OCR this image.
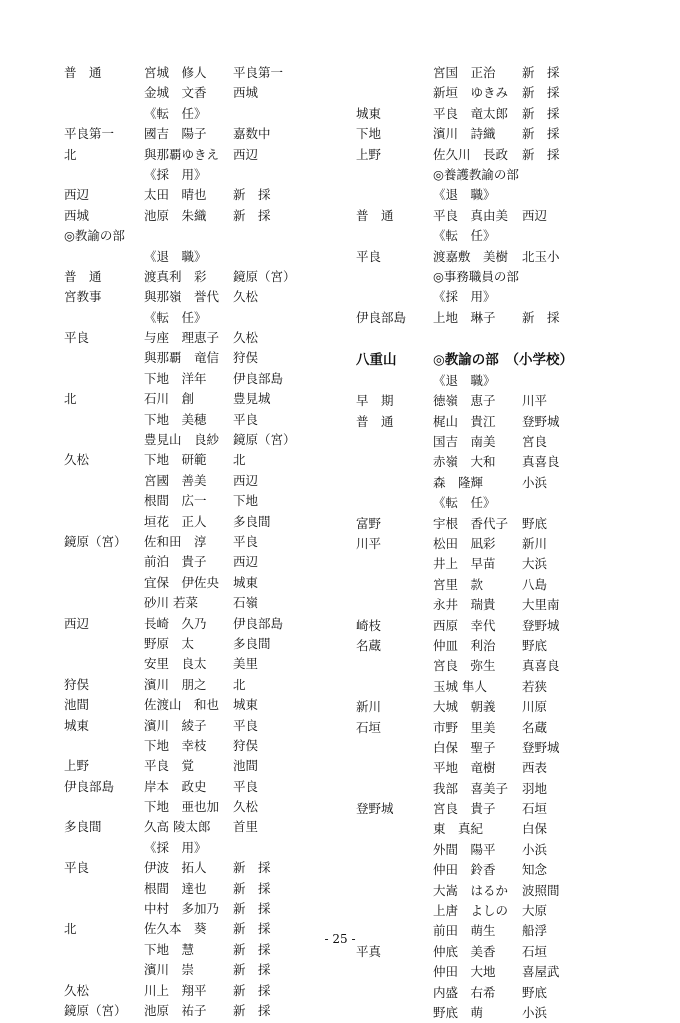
普　通	宮城　修人 平良第一
金城　文香 西城
《転　任》
平良第一 國吉　陽子 嘉数中
北	與那覇ゆきえ 西辺
《採　用》
西辺	太田　晴也 新　採
西城	池原　朱織 新　採
◎教諭の部
《退　職》
普　通	渡真利　彩 鏡原（宮）
宮教事	與那嶺　誉代 久松
《転　任》
平良	与座　理恵子 久松
與那覇　竜信 狩俣
下地　洋年 伊良部島
北	石川　創	豊見城
下地　美穂 平良
豊見山　良紗 鏡原（宮）
久松	下地　研範 北
宮國　善美 西辺
根間　広一 下地
垣花　正人 多良間
鏡原（宮） 佐和田　淳 平良
前泊　貴子 西辺
宜保　伊佐央 城東
砂川 若菜	石嶺
西辺	長崎　久乃 伊良部島
野原　太	多良間
安里　良太 美里
狩俣	濱川　朋之 北
池間	佐渡山　和也 城東
城東	濱川　綾子 平良
下地　幸枝 狩俣
上野	平良　覚	池間
伊良部島 岸本　政史 平良
下地　亜也加 久松
多良間	久高 陵太郎 首里
《採　用》
平良	伊波　拓人 新　採
根間　達也 新　採
中村　多加乃 新　採
北	佐久本　葵 新　採
下地　慧	新　採
濱川　崇	新　採
久松	川上　翔平 新　採
鏡原（宮） 池原　祐子 新　採
宮国　正治 新　採
新垣　ゆきみ 新　採
城東	平良　竜太郎 新　採
下地	濱川　詩織 新　採
上野	佐久川　長政 新　採
◎養護教諭の部
《退　職》
普　通	平良　真由美 西辺
《転　任》
平良	渡嘉敷　美樹 北玉小
◎事務職員の部
《採　用》
伊良部島 上地　琳子 新　採
八重山	◎教諭の部　（小学校）
《退　職》
早　期	徳嶺　恵子 川平
普　通	梶山　貴江 登野城
国吉　南美 宮良
赤嶺　大和 真喜良
森　隆輝	小浜
《転　任》
富野	宇根　香代子 野底
川平	松田　凪彩 新川
井上　早苗 大浜
宮里　款	八島
永井　瑞貴 大里南
崎枝	西原　幸代 登野城
名蔵	仲皿　利治 野底
宮良　弥生 真喜良
玉城 隼人	若狭
新川	大城　朝義 川原
石垣	市野　里美 名蔵
白保　聖子 登野城
平地　竜樹 西表
我部　喜美子 羽地
登野城	宮良　貴子 石垣
東　真紀	白保
外間　陽平 小浜
仲田　鈴香 知念
大嵩　はるか 波照間
上唐　よしの 大原
前田　萌生 船浮
平真	仲底　美香 石垣
仲田　大地 喜屋武
内盛　右希 野底
野底　萌	小浜
- 25 -
